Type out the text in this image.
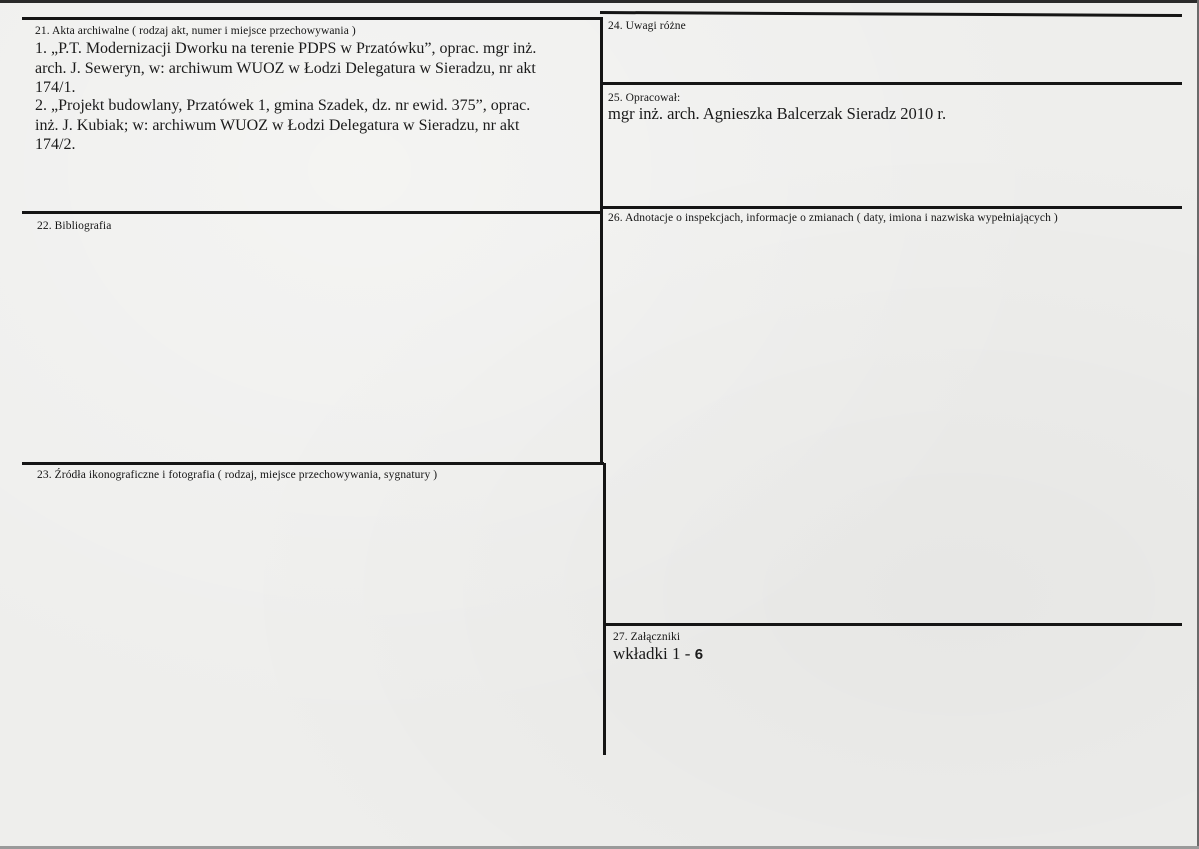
21. Akta archiwalne ( rodzaj akt, numer i miejsce przechowywania )
1. „P.T. Modernizacji Dworku na terenie PDPS w Przatówku”, oprac. mgr inż.
arch. J. Seweryn, w: archiwum WUOZ w Łodzi Delegatura w Sieradzu, nr akt
174/1.
2. „Projekt budowlany, Przatówek 1, gmina Szadek, dz. nr ewid. 375”, oprac.
inż. J. Kubiak; w: archiwum WUOZ w Łodzi Delegatura w Sieradzu, nr akt
174/2.
22. Bibliografia
23. Źródła ikonograficzne i fotografia ( rodzaj, miejsce przechowywania, sygnatury )
24. Uwagi różne
25. Opracował:
mgr inż. arch. Agnieszka Balcerzak Sieradz 2010 r.
26. Adnotacje o inspekcjach, informacje o zmianach ( daty, imiona i nazwiska wypełniających )
27. Załączniki
wkładki 1 - 6
